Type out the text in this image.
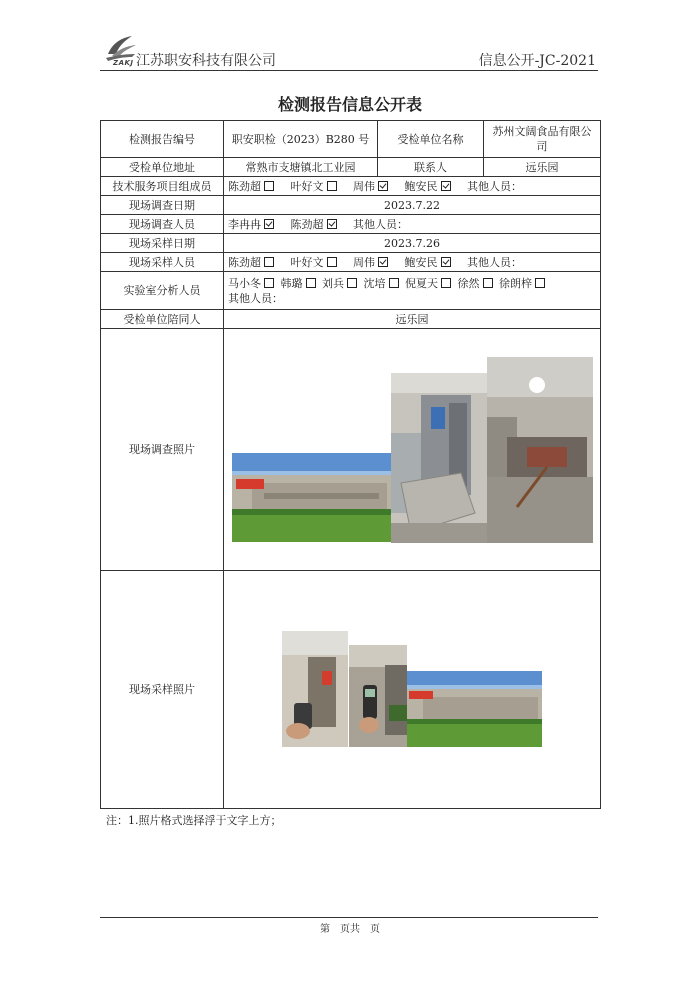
ZAKJ 江苏职安科技有限公司	信息公开-JC-2021
检测报告信息公开表
检测报告编号	职安职检（2023）B280 号	受检单位名称	苏州文阔食品有限公司
受检单位地址	常熟市支塘镇北工业园	联系人	远乐园
技术服务项目组成员	陈劲超 叶好文 周伟 鲍安民 其他人员：		
现场调查日期	2023.7.22		
现场调查人员	李冉冉 陈劲超 其他人员：		
现场采样日期	2023.7.26		
现场采样人员	陈劲超 叶好文 周伟 鲍安民 其他人员：		
实验室分析人员	马小冬 韩璐 刘兵 沈培 倪夏天 徐然 徐朗梓
其他人员：		
受检单位陪同人	远乐园		
现场调查照片	

现场采样照片	
注：1.照片格式选择浮于文字上方；
第　页共　页
